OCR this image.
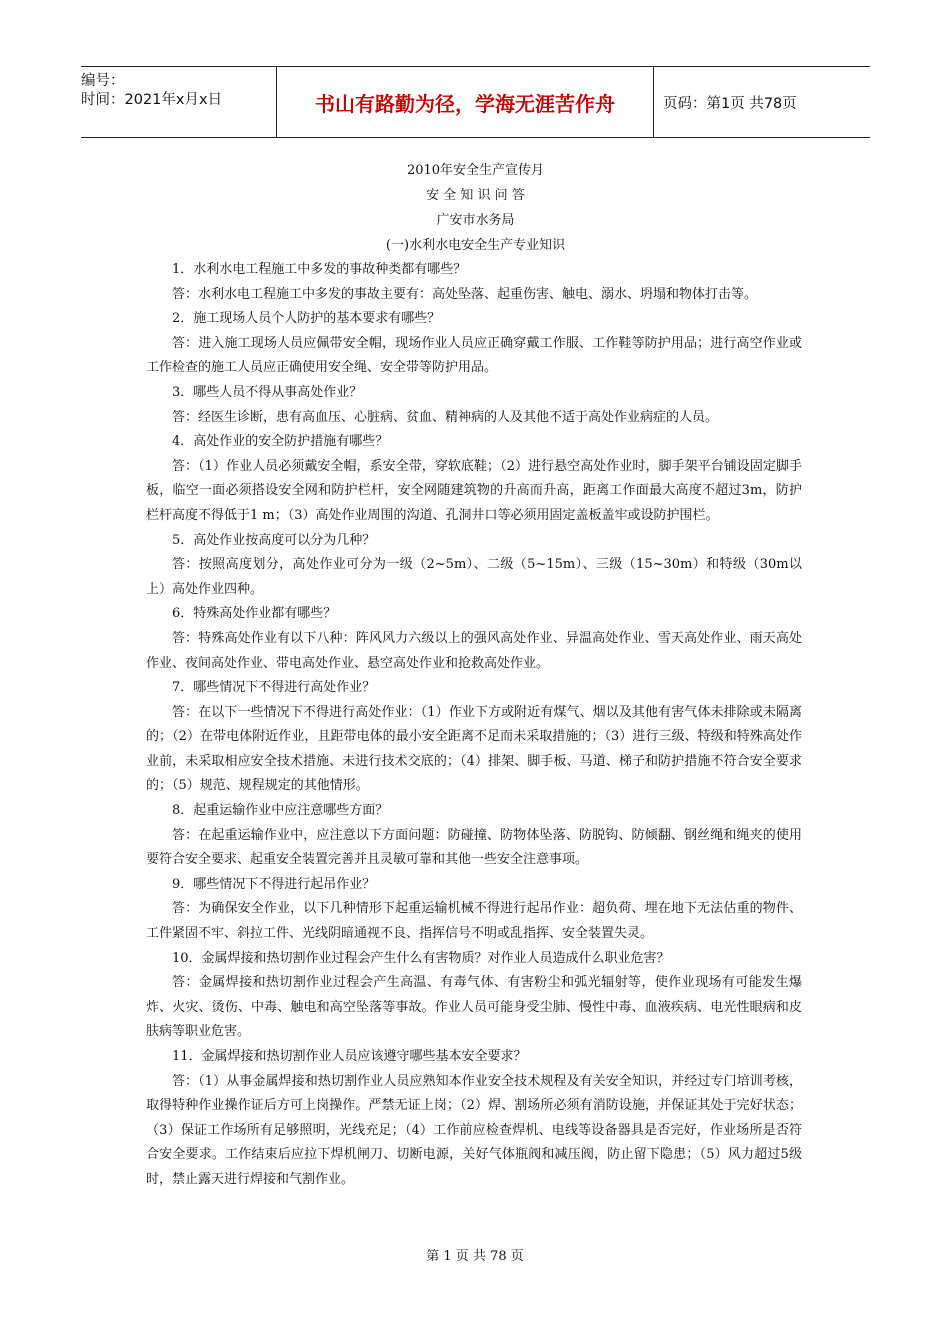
编号：
时间：2021年x月x日	书山有路勤为径，学海无涯苦作舟	页码：第1页 共78页
2010年安全生产宣传月
安 全 知 识 问 答
广安市水务局
(一)水利水电安全生产专业知识

1．水利水电工程施工中多发的事故种类都有哪些？

答：水利水电工程施工中多发的事故主要有：高处坠落、起重伤害、触电、溺水、坍塌和物体打击等。

2．施工现场人员个人防护的基本要求有哪些？

答：进入施工现场人员应佩带安全帽，现场作业人员应正确穿戴工作服、工作鞋等防护用品；进行高空作业或工作检查的施工人员应正确使用安全绳、安全带等防护用品。

3．哪些人员不得从事高处作业？

答：经医生诊断，患有高血压、心脏病、贫血、精神病的人及其他不适于高处作业病症的人员。

4．高处作业的安全防护措施有哪些？

答：（1）作业人员必须戴安全帽，系安全带，穿软底鞋；（2）进行悬空高处作业时，脚手架平台铺设固定脚手板，临空一面必须搭设安全网和防护栏杆，安全网随建筑物的升高而升高，距离工作面最大高度不超过3m，防护栏杆高度不得低于1 m；（3）高处作业周围的沟道、孔洞井口等必须用固定盖板盖牢或设防护围栏。

5．高处作业按高度可以分为几种？

答：按照高度划分，高处作业可分为一级（2~5m）、二级（5~15m）、三级（15~30m）和特级（30m以上）高处作业四种。

6．特殊高处作业都有哪些？

答：特殊高处作业有以下八种：阵风风力六级以上的强风高处作业、异温高处作业、雪天高处作业、雨天高处作业、夜间高处作业、带电高处作业、悬空高处作业和抢救高处作业。

7．哪些情况下不得进行高处作业？

答：在以下一些情况下不得进行高处作业：（1）作业下方或附近有煤气、烟以及其他有害气体未排除或未隔离的；（2）在带电体附近作业，且距带电体的最小安全距离不足而未采取措施的；（3）进行三级、特级和特殊高处作业前，未采取相应安全技术措施、未进行技术交底的；（4）排架、脚手板、马道、梯子和防护措施不符合安全要求的；（5）规范、规程规定的其他情形。

8．起重运输作业中应注意哪些方面？

答：在起重运输作业中，应注意以下方面问题：防碰撞、防物体坠落、防脱钩、防倾翻、钢丝绳和绳夹的使用要符合安全要求、起重安全装置完善并且灵敏可靠和其他一些安全注意事项。

9．哪些情况下不得进行起吊作业？

答：为确保安全作业，以下几种情形下起重运输机械不得进行起吊作业：超负荷、埋在地下无法估重的物件、工件紧固不牢、斜拉工件、光线阴暗通视不良、指挥信号不明或乱指挥、安全装置失灵。

10．金属焊接和热切割作业过程会产生什么有害物质？对作业人员造成什么职业危害？

答：金属焊接和热切割作业过程会产生高温、有毒气体、有害粉尘和弧光辐射等，使作业现场有可能发生爆炸、火灾、烫伤、中毒、触电和高空坠落等事故。作业人员可能身受尘肺、慢性中毒、血液疾病、电光性眼病和皮肤病等职业危害。

11．金属焊接和热切割作业人员应该遵守哪些基本安全要求？

答：（1）从事金属焊接和热切割作业人员应熟知本作业安全技术规程及有关安全知识，并经过专门培训考核，取得特种作业操作证后方可上岗操作。严禁无证上岗；（2）焊、割场所必须有消防设施，并保证其处于完好状态；（3）保证工作场所有足够照明，光线充足；（4）工作前应检查焊机、电线等设备器具是否完好，作业场所是否符合安全要求。工作结束后应拉下焊机闸刀、切断电源，关好气体瓶阀和减压阀，防止留下隐患；（5）风力超过5级时，禁止露天进行焊接和气割作业。

第 1 页 共 78 页
